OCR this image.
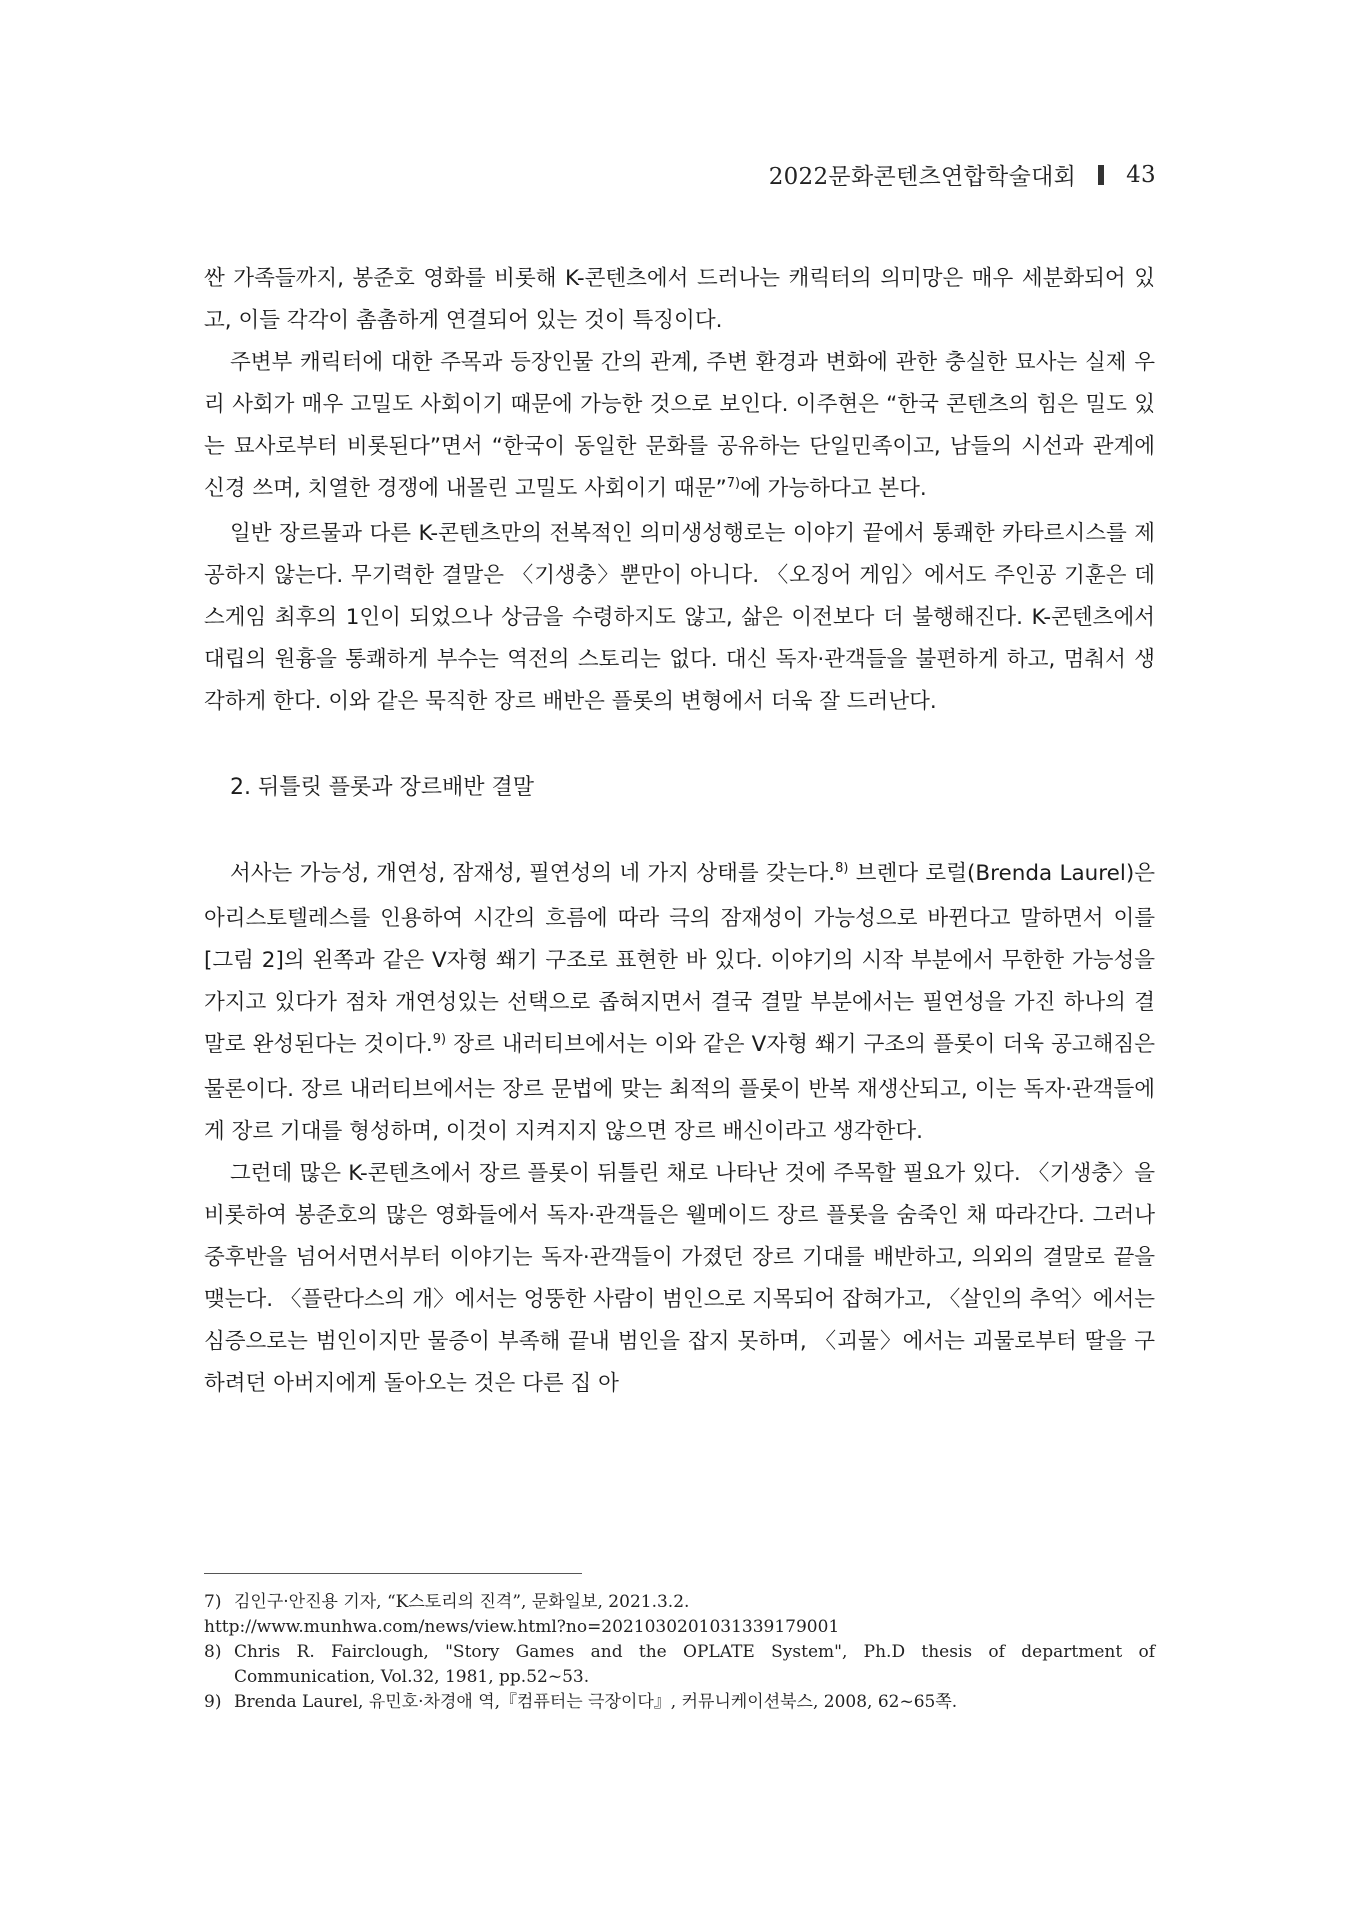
2022문화콘텐츠연합학술대회 43

싼 가족들까지, 봉준호 영화를 비롯해 K-콘텐츠에서 드러나는 캐릭터의 의미망은 매우 세분화되어 있고, 이들 각각이 촘촘하게 연결되어 있는 것이 특징이다.

주변부 캐릭터에 대한 주목과 등장인물 간의 관계, 주변 환경과 변화에 관한 충실한 묘사는 실제 우리 사회가 매우 고밀도 사회이기 때문에 가능한 것으로 보인다. 이주현은 “한국 콘텐츠의 힘은 밀도 있는 묘사로부터 비롯된다”면서 “한국이 동일한 문화를 공유하는 단일민족이고, 남들의 시선과 관계에 신경 쓰며, 치열한 경쟁에 내몰린 고밀도 사회이기 때문”$^{7)}$에 가능하다고 본다.

일반 장르물과 다른 K-콘텐츠만의 전복적인 의미생성행로는 이야기 끝에서 통쾌한 카타르시스를 제공하지 않는다. 무기력한 결말은 〈기생충〉뿐만이 아니다. 〈오징어 게임〉에서도 주인공 기훈은 데스게임 최후의 1인이 되었으나 상금을 수령하지도 않고, 삶은 이전보다 더 불행해진다. K-콘텐츠에서 대립의 원흉을 통쾌하게 부수는 역전의 스토리는 없다. 대신 독자·관객들을 불편하게 하고, 멈춰서 생각하게 한다. 이와 같은 묵직한 장르 배반은 플롯의 변형에서 더욱 잘 드러난다.

2. 뒤틀릿 플롯과 장르배반 결말

서사는 가능성, 개연성, 잠재성, 필연성의 네 가지 상태를 갖는다.$^{8)}$ 브렌다 로럴(Brenda Laurel)은 아리스토텔레스를 인용하여 시간의 흐름에 따라 극의 잠재성이 가능성으로 바뀐다고 말하면서 이를 [그림 2]의 왼쪽과 같은 V자형 쐐기 구조로 표현한 바 있다. 이야기의 시작 부분에서 무한한 가능성을 가지고 있다가 점차 개연성있는 선택으로 좁혀지면서 결국 결말 부분에서는 필연성을 가진 하나의 결말로 완성된다는 것이다.$^{9)}$ 장르 내러티브에서는 이와 같은 V자형 쐐기 구조의 플롯이 더욱 공고해짐은 물론이다. 장르 내러티브에서는 장르 문법에 맞는 최적의 플롯이 반복 재생산되고, 이는 독자·관객들에게 장르 기대를 형성하며, 이것이 지켜지지 않으면 장르 배신이라고 생각한다.

그런데 많은 K-콘텐츠에서 장르 플롯이 뒤틀린 채로 나타난 것에 주목할 필요가 있다. 〈기생충〉을 비롯하여 봉준호의 많은 영화들에서 독자·관객들은 웰메이드 장르 플롯을 숨죽인 채 따라간다. 그러나 중후반을 넘어서면서부터 이야기는 독자·관객들이 가졌던 장르 기대를 배반하고, 의외의 결말로 끝을 맺는다. 〈플란다스의 개〉에서는 엉뚱한 사람이 범인으로 지목되어 잡혀가고, 〈살인의 추억〉에서는 심증으로는 범인이지만 물증이 부족해 끝내 범인을 잡지 못하며, 〈괴물〉에서는 괴물로부터 딸을 구하려던 아버지에게 돌아오는 것은 다른 집 아

7) 김인구·안진용 기자, “K스토리의 진격”, 문화일보, 2021.3.2.
http://www.munhwa.com/news/view.html?no=2021030201031339179001

8) Chris R. Fairclough, "Story Games and the OPLATE System", Ph.D thesis of department of Communication, Vol.32, 1981, pp.52~53.

9) Brenda Laurel, 유민호·차경애 역,『컴퓨터는 극장이다』, 커뮤니케이션북스, 2008, 62~65쪽.
